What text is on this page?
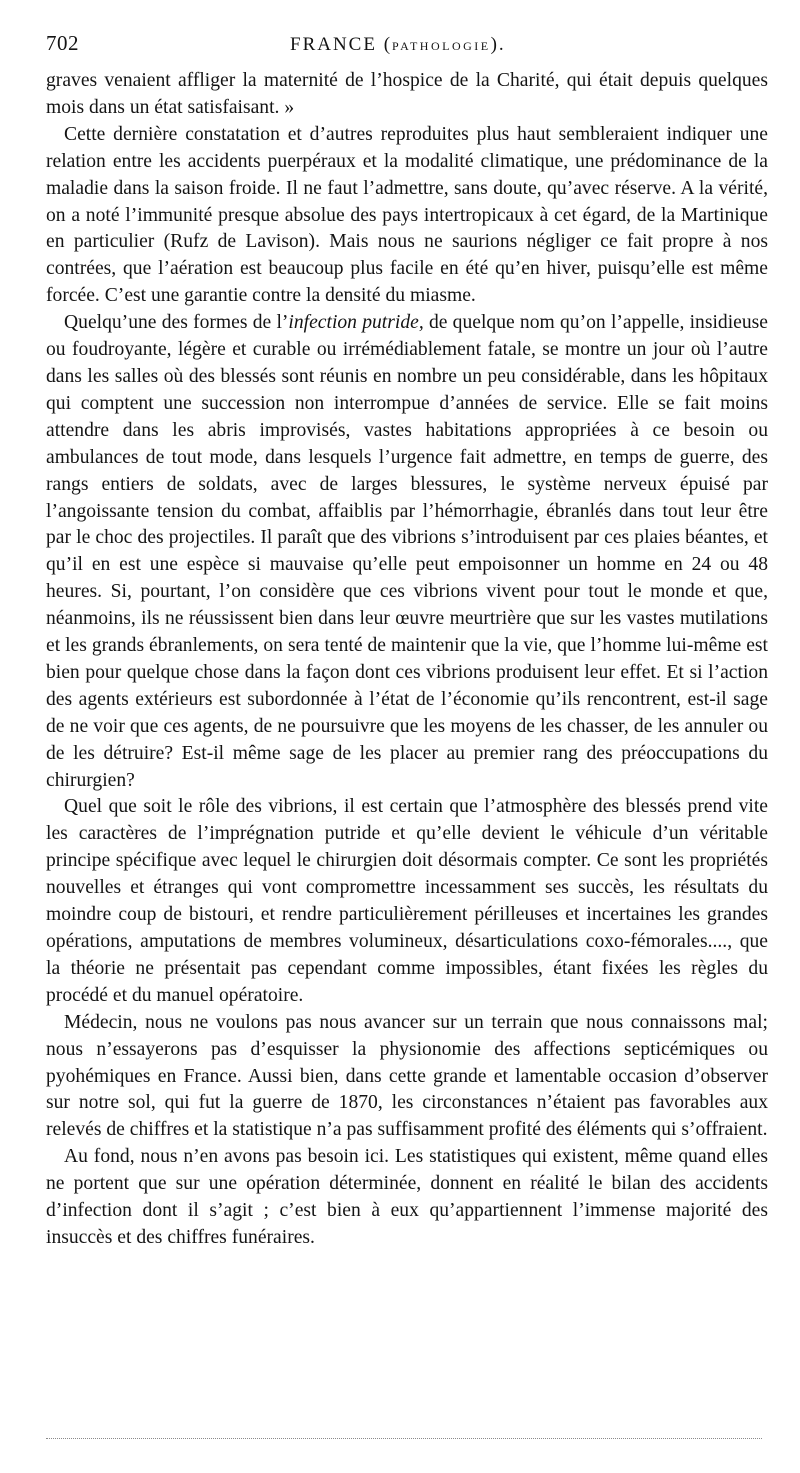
702	FRANCE (PATHOLOGIE).

graves venaient affliger la maternité de l’hospice de la Charité, qui était depuis quelques mois dans un état satisfaisant. »

Cette dernière constatation et d’autres reproduites plus haut sembleraient indiquer une relation entre les accidents puerpéraux et la modalité climatique, une prédominance de la maladie dans la saison froide. Il ne faut l’admettre, sans doute, qu’avec réserve. A la vérité, on a noté l’immunité presque absolue des pays intertropicaux à cet égard, de la Martinique en particulier (Rufz de Lavison). Mais nous ne saurions négliger ce fait propre à nos contrées, que l’aération est beaucoup plus facile en été qu’en hiver, puisqu’elle est même forcée. C’est une garantie contre la densité du miasme.

Quelqu’une des formes de l’infection putride, de quelque nom qu’on l’appelle, insidieuse ou foudroyante, légère et curable ou irrémédiablement fatale, se montre un jour où l’autre dans les salles où des blessés sont réunis en nombre un peu considérable, dans les hôpitaux qui comptent une succession non interrompue d’années de service. Elle se fait moins attendre dans les abris improvisés, vastes habitations appropriées à ce besoin ou ambulances de tout mode, dans lesquels l’urgence fait admettre, en temps de guerre, des rangs entiers de soldats, avec de larges blessures, le système nerveux épuisé par l’angoissante tension du combat, affaiblis par l’hémorrhagie, ébranlés dans tout leur être par le choc des projectiles. Il paraît que des vibrions s’introduisent par ces plaies béantes, et qu’il en est une espèce si mauvaise qu’elle peut empoisonner un homme en 24 ou 48 heures. Si, pourtant, l’on considère que ces vibrions vivent pour tout le monde et que, néanmoins, ils ne réussissent bien dans leur œuvre meurtrière que sur les vastes mutilations et les grands ébranlements, on sera tenté de maintenir que la vie, que l’homme lui-même est bien pour quelque chose dans la façon dont ces vibrions produisent leur effet. Et si l’action des agents extérieurs est subordonnée à l’état de l’économie qu’ils rencontrent, est-il sage de ne voir que ces agents, de ne poursuivre que les moyens de les chasser, de les annuler ou de les détruire? Est-il même sage de les placer au premier rang des préoccupations du chirurgien?

Quel que soit le rôle des vibrions, il est certain que l’atmosphère des blessés prend vite les caractères de l’imprégnation putride et qu’elle devient le véhicule d’un véritable principe spécifique avec lequel le chirurgien doit désormais compter. Ce sont les propriétés nouvelles et étranges qui vont compromettre incessamment ses succès, les résultats du moindre coup de bistouri, et rendre particulièrement périlleuses et incertaines les grandes opérations, amputations de membres volumineux, désarticulations coxo-fémorales...., que la théorie ne présentait pas cependant comme impossibles, étant fixées les règles du procédé et du manuel opératoire.

Médecin, nous ne voulons pas nous avancer sur un terrain que nous connaissons mal; nous n’essayerons pas d’esquisser la physionomie des affections septicémiques ou pyohémiques en France. Aussi bien, dans cette grande et lamentable occasion d’observer sur notre sol, qui fut la guerre de 1870, les circonstances n’étaient pas favorables aux relevés de chiffres et la statistique n’a pas suffisamment profité des éléments qui s’offraient.

Au fond, nous n’en avons pas besoin ici. Les statistiques qui existent, même quand elles ne portent que sur une opération déterminée, donnent en réalité le bilan des accidents d’infection dont il s’agit ; c’est bien à eux qu’appartiennent l’immense majorité des insuccès et des chiffres funéraires.
